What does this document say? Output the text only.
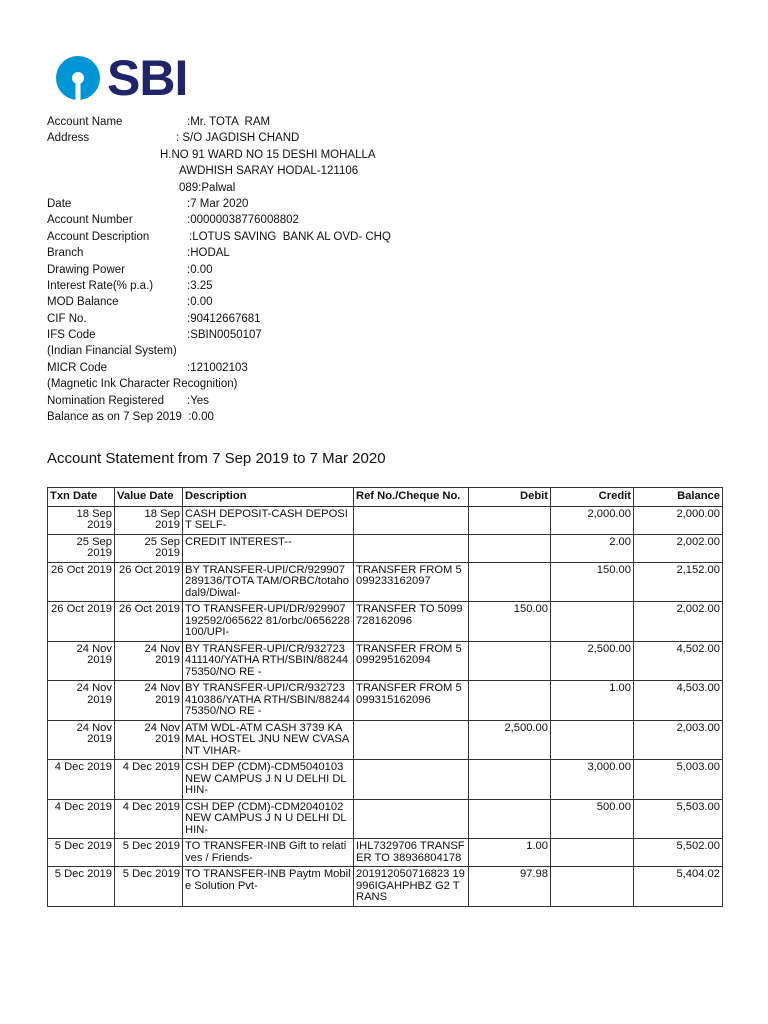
SBI
Account Name	:Mr. TOTA  RAM
Address	: S/O JAGDISH CHAND
H.NO 91 WARD NO 15 DESHI MOHALLA
AWDHISH SARAY HODAL-121106
089:Palwal
Date	:7 Mar 2020
Account Number	:00000038776008802
Account Description	:LOTUS SAVING  BANK AL OVD- CHQ
Branch	:HODAL
Drawing Power	:0.00
Interest Rate(% p.a.)	:3.25
MOD Balance	:0.00
CIF No.	:90412667681
IFS Code	:SBIN0050107
(Indian Financial System)
MICR Code	:121002103
(Magnetic Ink Character Recognition)
Nomination Registered :Yes
Balance as on 7 Sep 2019  :0.00
Account Statement from 7 Sep 2019 to 7 Mar 2020
Txn Date	Value Date	Description	Ref No./Cheque No.	Debit	Credit	Balance
18 Sep 2019	18 Sep 2019	CASH DEPOSIT-CASH DEPOSIT SELF-			2,000.00	2,000.00
25 Sep 2019	25 Sep 2019	CREDIT INTEREST--			2.00	2,002.00
26 Oct 2019	26 Oct 2019	BY TRANSFER-UPI/CR/929907289136/TOTA TAM/ORBC/totahodal9/Diwal-	TRANSFER FROM 5099233162097		150.00	2,152.00
26 Oct 2019	26 Oct 2019	TO TRANSFER-UPI/DR/929907192592/065622 81/orbc/0656228100/UPI-	TRANSFER TO 5099728162096	150.00		2,002.00
24 Nov 2019	24 Nov 2019	BY TRANSFER-UPI/CR/932723411140/YATHA RTH/SBIN/8824475350/NO RE -	TRANSFER FROM 5099295162094		2,500.00	4,502.00
24 Nov 2019	24 Nov 2019	BY TRANSFER-UPI/CR/932723410386/YATHA RTH/SBIN/8824475350/NO RE -	TRANSFER FROM 5099315162096		1.00	4,503.00
24 Nov 2019	24 Nov 2019	ATM WDL-ATM CASH 3739 KAMAL HOSTEL JNU NEW CVASANT VIHAR-		2,500.00		2,003.00
4 Dec 2019	4 Dec 2019	CSH DEP (CDM)-CDM5040103NEW CAMPUS J N U DELHI DLHIN-			3,000.00	5,003.00
4 Dec 2019	4 Dec 2019	CSH DEP (CDM)-CDM2040102NEW CAMPUS J N U DELHI DLHIN-			500.00	5,503.00
5 Dec 2019	5 Dec 2019	TO TRANSFER-INB Gift to relatives / Friends-	IHL7329706 TRANSFER TO 38936804178	1.00		5,502.00
5 Dec 2019	5 Dec 2019	TO TRANSFER-INB Paytm Mobile Solution Pvt-	201912050716823 19996IGAHPHBZ G2 TRANS	97.98		5,404.02
